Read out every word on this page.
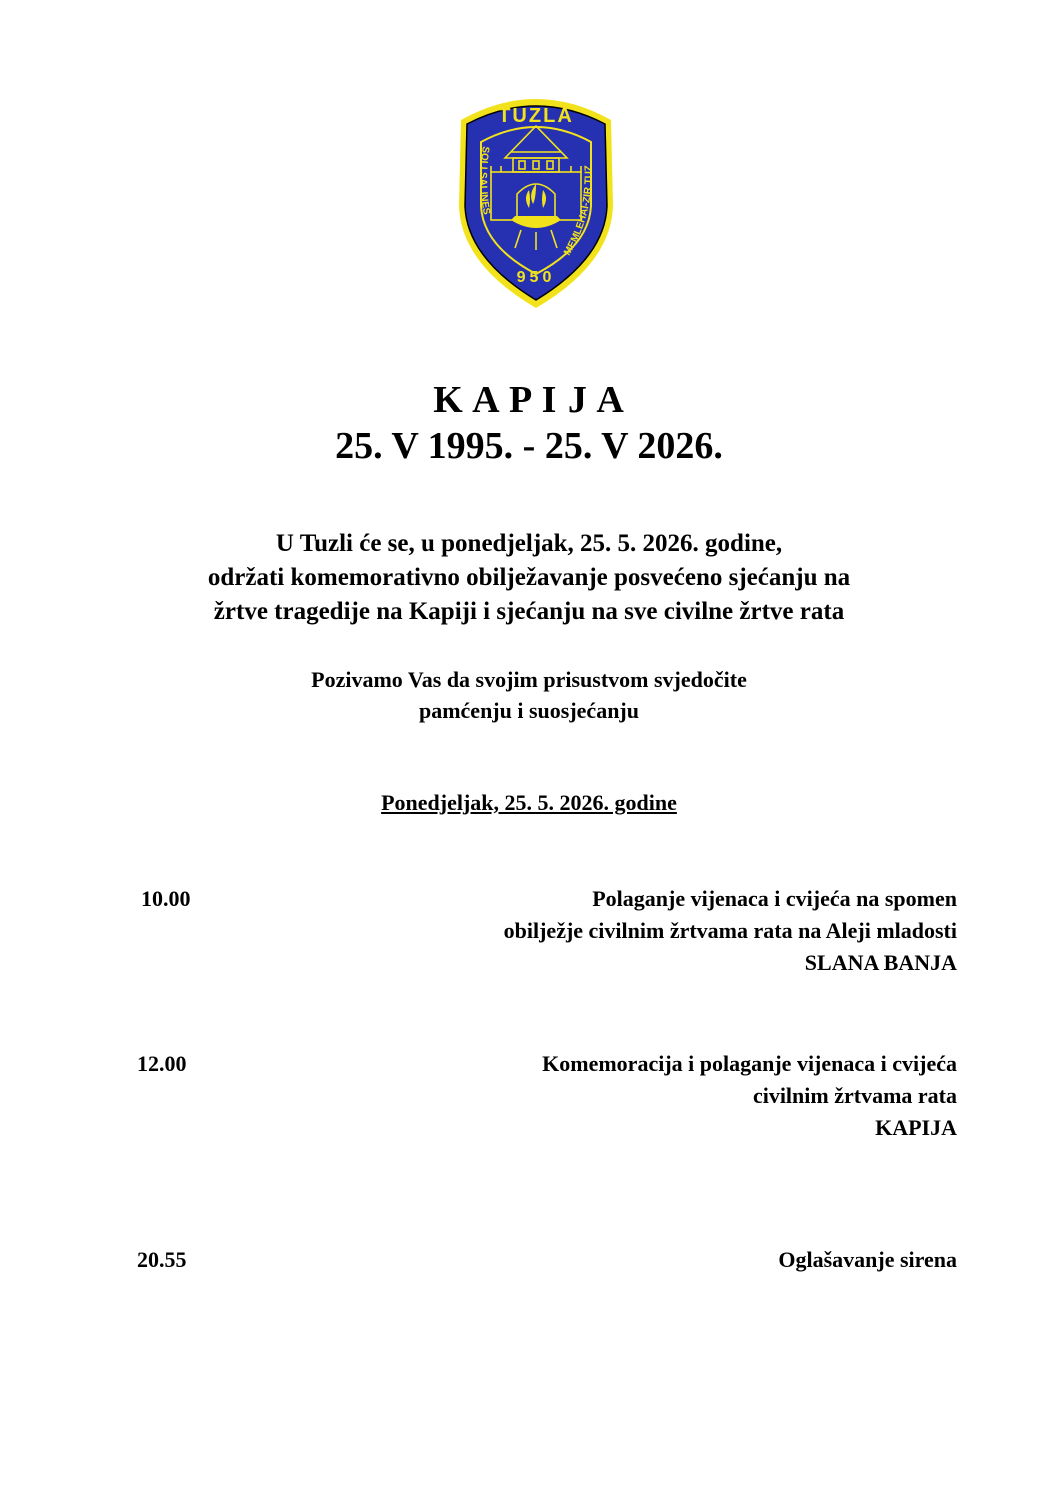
TUZLA
SOLI SALINES
MEMLEHAI-ZIR TUZ
950
K A P I J A
25. V 1995. - 25. V 2026.
U Tuzli će se, u ponedjeljak, 25. 5. 2026. godine,
održati komemorativno obilježavanje posvećeno sjećanju na
žrtve tragedije na Kapiji i sjećanju na sve civilne žrtve rata
Pozivamo Vas da svojim prisustvom svjedočite
pamćenju i suosjećanju
Ponedjeljak, 25. 5. 2026. godine
10.00	Polaganje vijenaca i cvijeća na spomen
obilježje civilnim žrtvama rata na Aleji mladosti
SLANA BANJA
12.00	Komemoracija i polaganje vijenaca i cvijeća
civilnim žrtvama rata
KAPIJA
20.55	Oglašavanje sirena
